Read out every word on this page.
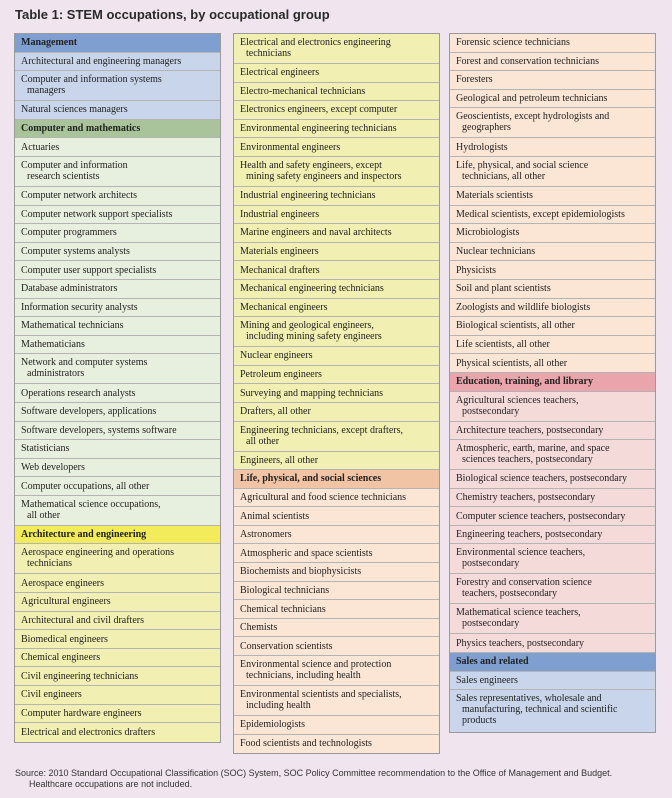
Table 1: STEM occupations, by occupational group
Management
Architectural and engineering managers
Computer and information systems
managers
Natural sciences managers
Computer and mathematics
Actuaries
Computer and information
research scientists
Computer network architects
Computer network support specialists
Computer programmers
Computer systems analysts
Computer user support specialists
Database administrators
Information security analysts
Mathematical technicians
Mathematicians
Network and computer systems
administrators
Operations research analysts
Software developers, applications
Software developers, systems software
Statisticians
Web developers
Computer occupations, all other
Mathematical science occupations,
all other
Architecture and engineering
Aerospace engineering and operations
technicians
Aerospace engineers
Agricultural engineers
Architectural and civil drafters
Biomedical engineers
Chemical engineers
Civil engineering technicians
Civil engineers
Computer hardware engineers
Electrical and electronics drafters
Electrical and electronics engineering
technicians
Electrical engineers
Electro-mechanical technicians
Electronics engineers, except computer
Environmental engineering technicians
Environmental engineers
Health and safety engineers, except
mining safety engineers and inspectors
Industrial engineering technicians
Industrial engineers
Marine engineers and naval architects
Materials engineers
Mechanical drafters
Mechanical engineering technicians
Mechanical engineers
Mining and geological engineers,
including mining safety engineers
Nuclear engineers
Petroleum engineers
Surveying and mapping technicians
Drafters, all other
Engineering technicians, except drafters,
all other
Engineers, all other
Life, physical, and social sciences
Agricultural and food science technicians
Animal scientists
Astronomers
Atmospheric and space scientists
Biochemists and biophysicists
Biological technicians
Chemical technicians
Chemists
Conservation scientists
Environmental science and protection
technicians, including health
Environmental scientists and specialists,
including health
Epidemiologists
Food scientists and technologists
Forensic science technicians
Forest and conservation technicians
Foresters
Geological and petroleum technicians
Geoscientists, except hydrologists and
geographers
Hydrologists
Life, physical, and social science
technicians, all other
Materials scientists
Medical scientists, except epidemiologists
Microbiologists
Nuclear technicians
Physicists
Soil and plant scientists
Zoologists and wildlife biologists
Biological scientists, all other
Life scientists, all other
Physical scientists, all other
Education, training, and library
Agricultural sciences teachers,
postsecondary
Architecture teachers, postsecondary
Atmospheric, earth, marine, and space
sciences teachers, postsecondary
Biological science teachers, postsecondary
Chemistry teachers, postsecondary
Computer science teachers, postsecondary
Engineering teachers, postsecondary
Environmental science teachers,
postsecondary
Forestry and conservation science
teachers, postsecondary
Mathematical science teachers,
postsecondary
Physics teachers, postsecondary
Sales and related
Sales engineers
Sales representatives, wholesale and
manufacturing, technical and scientific
products
Source: 2010 Standard Occupational Classification (SOC) System, SOC Policy Committee recommendation to the Office of Management and Budget.
Healthcare occupations are not included.
